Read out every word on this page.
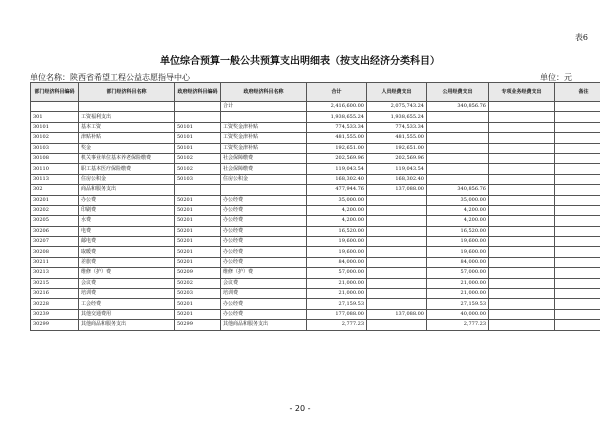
表6
单位综合预算一般公共预算支出明细表（按支出经济分类科目）
单位名称：陕西省希望工程公益志愿指导中心	单位：元
部门经济科目编码	部门经济科目名称	政府经济科目编码	政府经济科目名称	合计	人员经费支出	公用经费支出	专项业务经费支出	备注
			合计	2,416,600.00	2,075,743.24	340,856.76		
301	工资福利支出			1,938,655.24	1,938,655.24			
30101	基本工资	50101	工资奖金津补贴	774,533.34	774,533.34			
30102	津贴补贴	50101	工资奖金津补贴	481,555.00	481,555.00			
30103	奖金	50101	工资奖金津补贴	192,651.00	192,651.00			
30108	机关事业单位基本养老保险缴费	50102	社会保障缴费	202,569.96	202,569.96			
30110	职工基本医疗保险缴费	50102	社会保障缴费	119,043.54	119,043.54			
30113	住房公积金	50103	住房公积金	168,302.40	168,302.40			
302	商品和服务支出			477,944.76	137,088.00	340,856.76		
30201	办公费	50201	办公经费	35,000.00		35,000.00		
30202	印刷费	50201	办公经费	4,200.00		4,200.00		
30205	水费	50201	办公经费	4,200.00		4,200.00		
30206	电费	50201	办公经费	16,520.00		16,520.00		
30207	邮电费	50201	办公经费	19,600.00		19,600.00		
30208	取暖费	50201	办公经费	19,600.00		19,600.00		
30211	差旅费	50201	办公经费	84,000.00		84,000.00		
30213	维修（护）费	50209	维修（护）费	57,000.00		57,000.00		
30215	会议费	50202	会议费	21,000.00		21,000.00		
30216	培训费	50203	培训费	21,000.00		21,000.00		
30228	工会经费	50201	办公经费	27,159.53		27,159.53		
30239	其他交通费用	50201	办公经费	177,088.00	137,088.00	40,000.00		
30299	其他商品和服务支出	50299	其他商品和服务支出	2,777.23		2,777.23		
- 20 -
